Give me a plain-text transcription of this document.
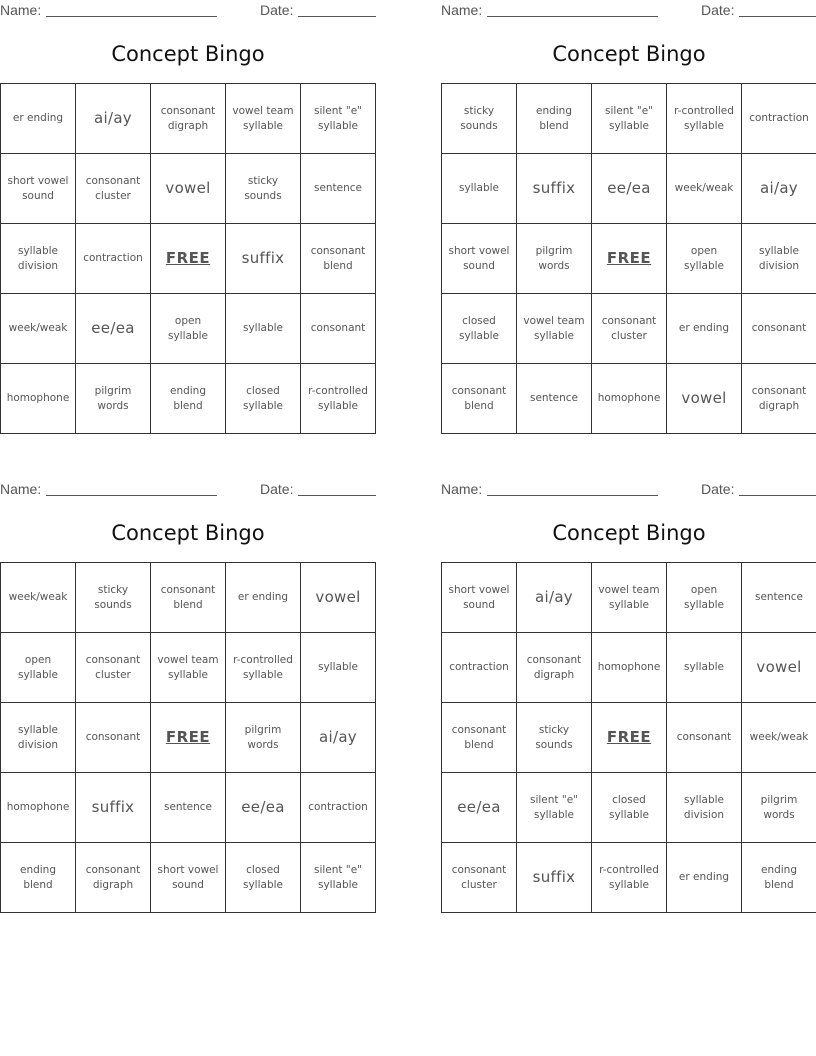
Name:	Date:
Concept Bingo
er ending	ai/ay	consonant digraph	vowel team syllable	silent "e" syllable
short vowel sound	consonant cluster	vowel	sticky sounds	sentence
syllable division	contraction	FREE	suffix	consonant blend
week/weak	ee/ea	open syllable	syllable	consonant
homophone	pilgrim words	ending blend	closed syllable	r-controlled syllable
Name:	Date:
Concept Bingo
sticky sounds	ending blend	silent "e" syllable	r-controlled syllable	contraction
syllable	suffix	ee/ea	week/weak	ai/ay
short vowel sound	pilgrim words	FREE	open syllable	syllable division
closed syllable	vowel team syllable	consonant cluster	er ending	consonant
consonant blend	sentence	homophone	vowel	consonant digraph
Name:	Date:
Concept Bingo
week/weak	sticky sounds	consonant blend	er ending	vowel
open syllable	consonant cluster	vowel team syllable	r-controlled syllable	syllable
syllable division	consonant	FREE	pilgrim words	ai/ay
homophone	suffix	sentence	ee/ea	contraction
ending blend	consonant digraph	short vowel sound	closed syllable	silent "e" syllable
Name:	Date:
Concept Bingo
short vowel sound	ai/ay	vowel team syllable	open syllable	sentence
contraction	consonant digraph	homophone	syllable	vowel
consonant blend	sticky sounds	FREE	consonant	week/weak
ee/ea	silent "e" syllable	closed syllable	syllable division	pilgrim words
consonant cluster	suffix	r-controlled syllable	er ending	ending blend
